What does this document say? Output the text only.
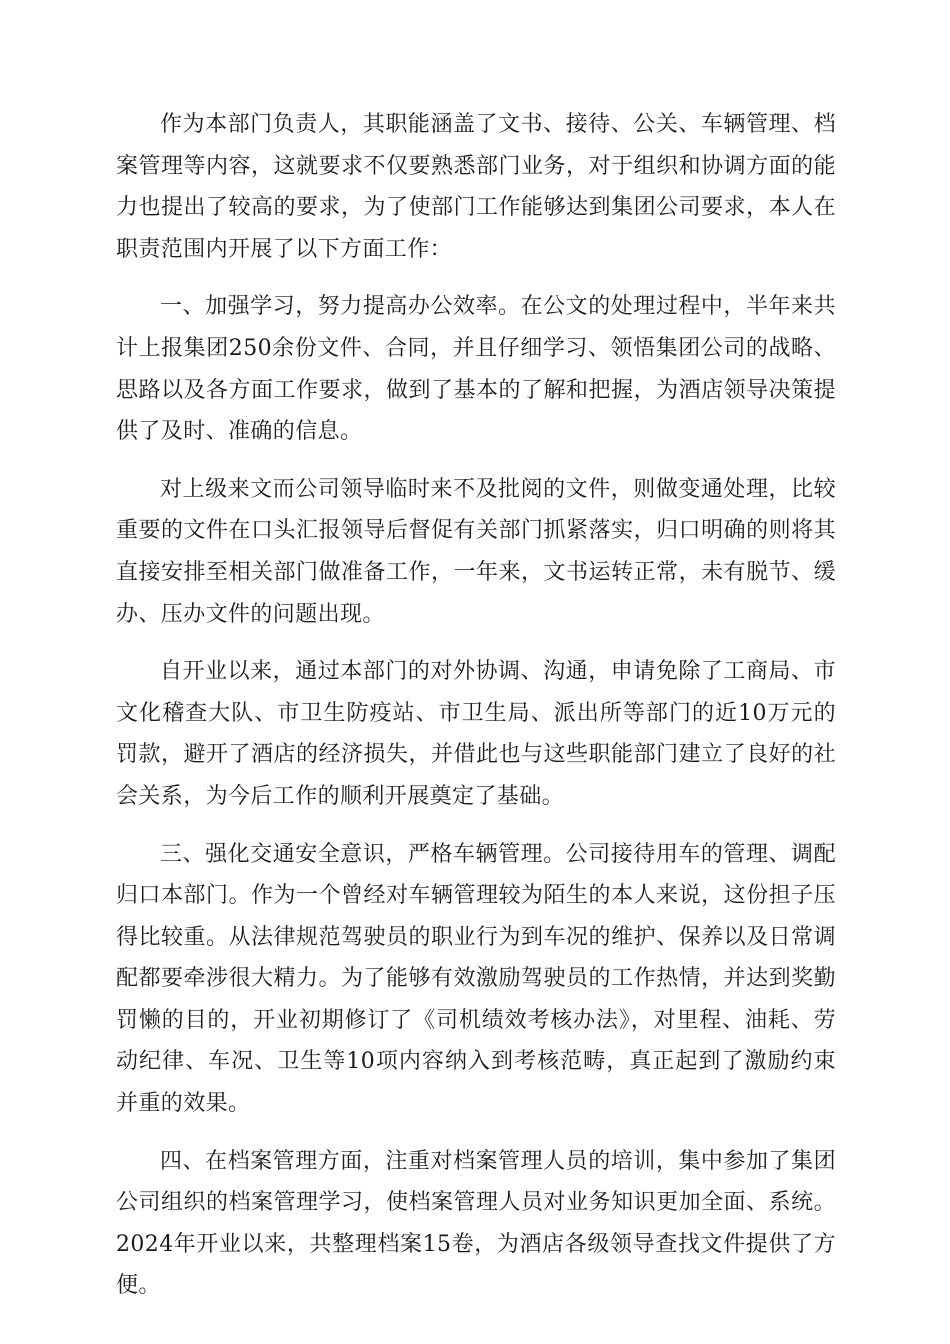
作为本部门负责人，其职能涵盖了文书、接待、公关、车辆管理、档案管理等内容，这就要求不仅要熟悉部门业务，对于组织和协调方面的能力也提出了较高的要求，为了使部门工作能够达到集团公司要求，本人在职责范围内开展了以下方面工作：

一、加强学习，努力提高办公效率。在公文的处理过程中，半年来共计上报集团250余份文件、合同，并且仔细学习、领悟集团公司的战略、思路以及各方面工作要求，做到了基本的了解和把握，为酒店领导决策提供了及时、准确的信息。

对上级来文而公司领导临时来不及批阅的文件，则做变通处理，比较重要的文件在口头汇报领导后督促有关部门抓紧落实，归口明确的则将其直接安排至相关部门做准备工作，一年来，文书运转正常，未有脱节、缓办、压办文件的问题出现。

自开业以来，通过本部门的对外协调、沟通，申请免除了工商局、市文化稽查大队、市卫生防疫站、市卫生局、派出所等部门的近10万元的罚款，避开了酒店的经济损失，并借此也与这些职能部门建立了良好的社会关系，为今后工作的顺利开展奠定了基础。

三、强化交通安全意识，严格车辆管理。公司接待用车的管理、调配归口本部门。作为一个曾经对车辆管理较为陌生的本人来说，这份担子压得比较重。从法律规范驾驶员的职业行为到车况的维护、保养以及日常调配都要牵涉很大精力。为了能够有效激励驾驶员的工作热情，并达到奖勤罚懒的目的，开业初期修订了《司机绩效考核办法》，对里程、油耗、劳动纪律、车况、卫生等10项内容纳入到考核范畴，真正起到了激励约束并重的效果。

四、在档案管理方面，注重对档案管理人员的培训，集中参加了集团公司组织的档案管理学习，使档案管理人员对业务知识更加全面、系统。2024年开业以来，共整理档案15卷，为酒店各级领导查找文件提供了方便。
